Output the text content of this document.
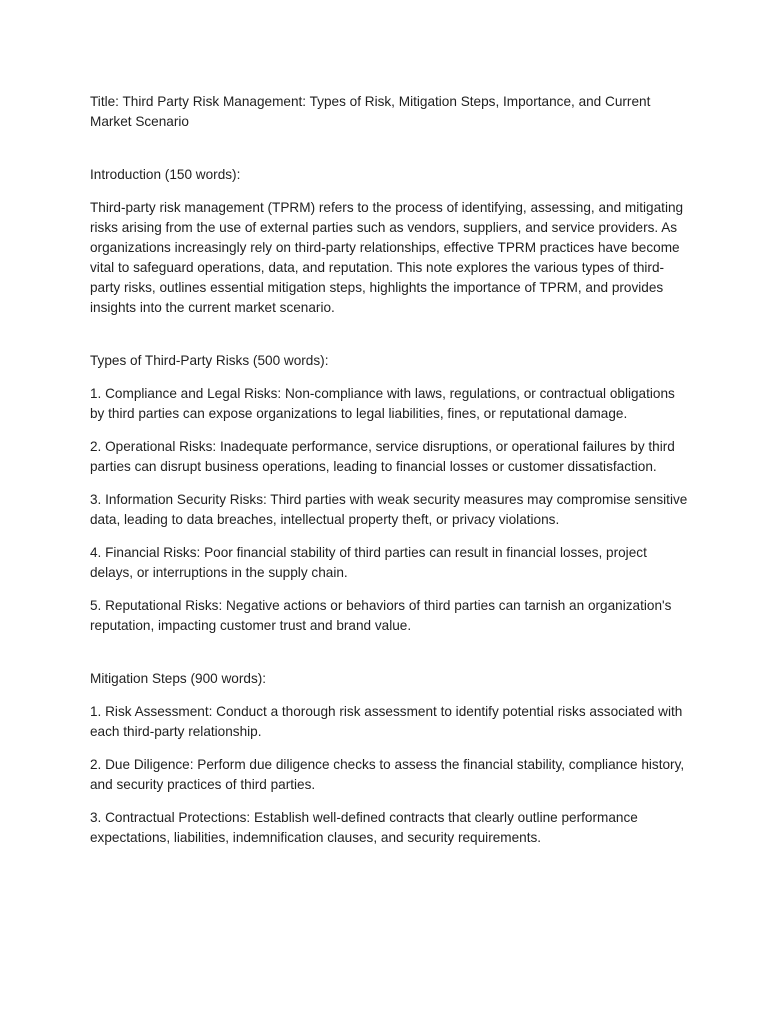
Title: Third Party Risk Management: Types of Risk, Mitigation Steps, Importance, and Current Market Scenario

Introduction (150 words):

Third-party risk management (TPRM) refers to the process of identifying, assessing, and mitigating risks arising from the use of external parties such as vendors, suppliers, and service providers. As organizations increasingly rely on third-party relationships, effective TPRM practices have become vital to safeguard operations, data, and reputation. This note explores the various types of third-party risks, outlines essential mitigation steps, highlights the importance of TPRM, and provides insights into the current market scenario.

Types of Third-Party Risks (500 words):

1. Compliance and Legal Risks: Non-compliance with laws, regulations, or contractual obligations by third parties can expose organizations to legal liabilities, fines, or reputational damage.

2. Operational Risks: Inadequate performance, service disruptions, or operational failures by third parties can disrupt business operations, leading to financial losses or customer dissatisfaction.

3. Information Security Risks: Third parties with weak security measures may compromise sensitive data, leading to data breaches, intellectual property theft, or privacy violations.

4. Financial Risks: Poor financial stability of third parties can result in financial losses, project delays, or interruptions in the supply chain.

5. Reputational Risks: Negative actions or behaviors of third parties can tarnish an organization's reputation, impacting customer trust and brand value.

Mitigation Steps (900 words):

1. Risk Assessment: Conduct a thorough risk assessment to identify potential risks associated with each third-party relationship.

2. Due Diligence: Perform due diligence checks to assess the financial stability, compliance history, and security practices of third parties.

3. Contractual Protections: Establish well-defined contracts that clearly outline performance expectations, liabilities, indemnification clauses, and security requirements.
